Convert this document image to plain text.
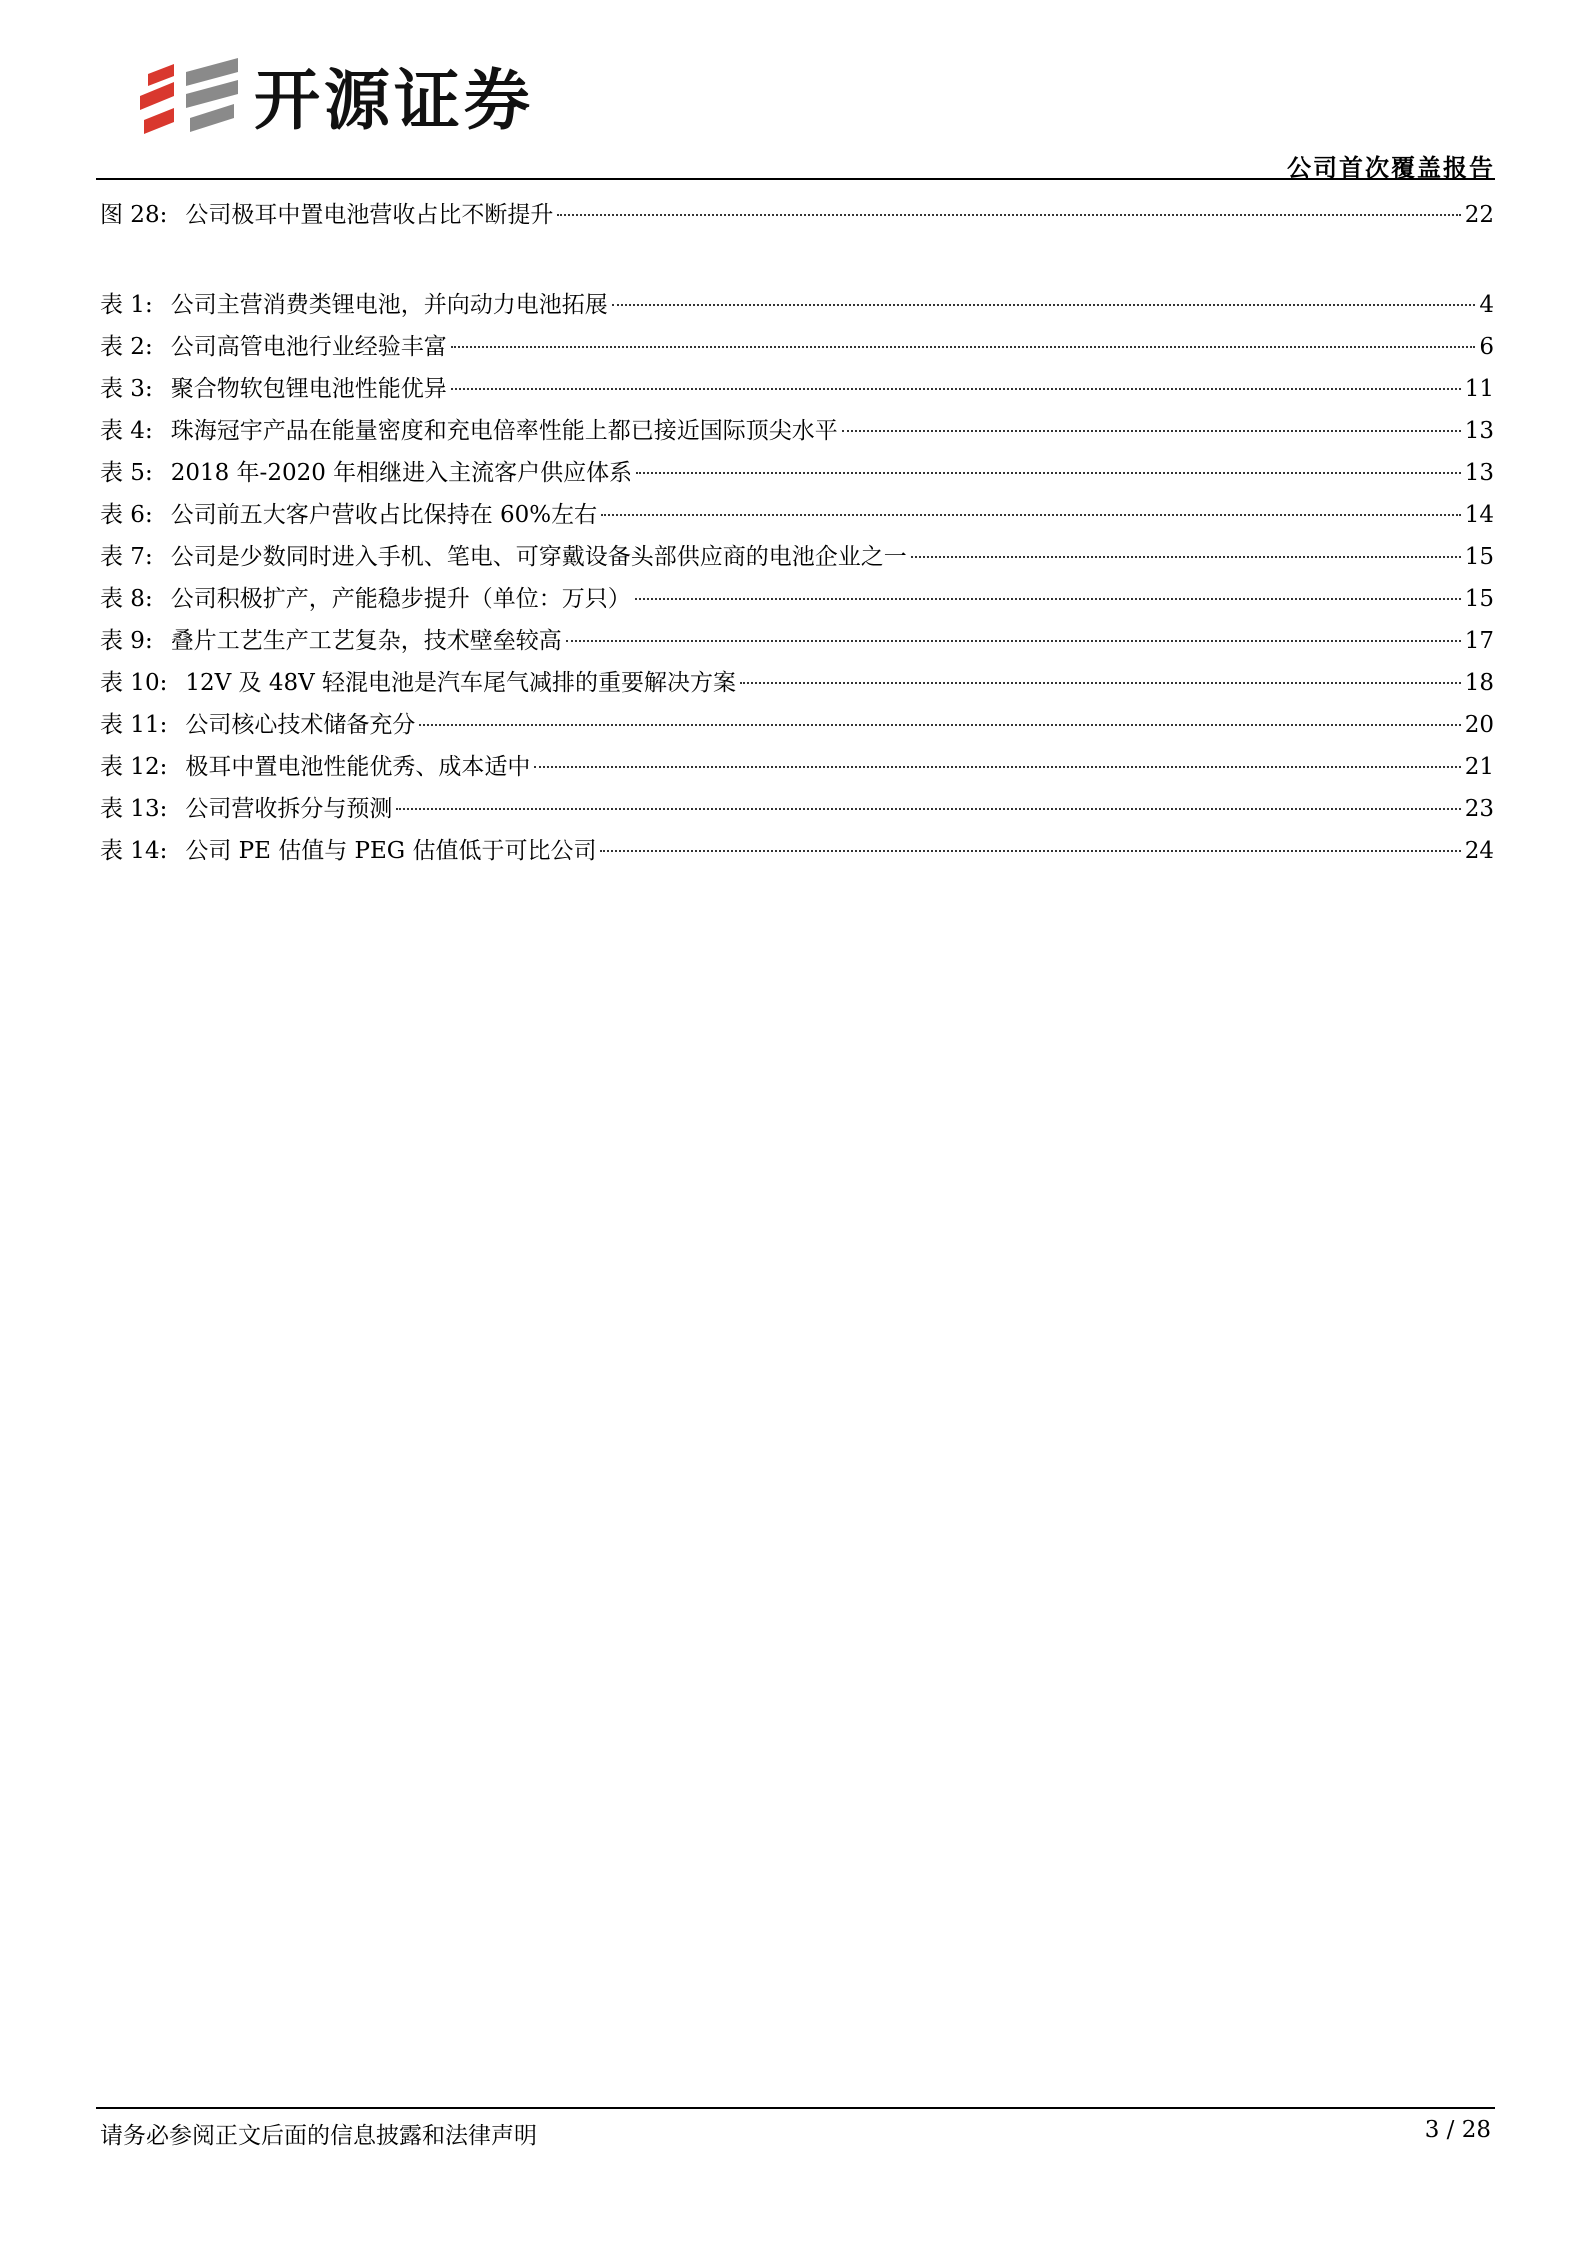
开源证券
公司首次覆盖报告
图 28: 公司极耳中置电池营收占比不断提升	22
表 1: 公司主营消费类锂电池，并向动力电池拓展	4
表 2: 公司高管电池行业经验丰富	6
表 3: 聚合物软包锂电池性能优异	11
表 4: 珠海冠宇产品在能量密度和充电倍率性能上都已接近国际顶尖水平	13
表 5: 2018 年-2020 年相继进入主流客户供应体系	13
表 6: 公司前五大客户营收占比保持在 60%左右	14
表 7: 公司是少数同时进入手机、笔电、可穿戴设备头部供应商的电池企业之一	15
表 8: 公司积极扩产，产能稳步提升（单位：万只）	15
表 9: 叠片工艺生产工艺复杂，技术壁垒较高	17
表 10: 12V 及 48V 轻混电池是汽车尾气减排的重要解决方案	18
表 11: 公司核心技术储备充分	20
表 12: 极耳中置电池性能优秀、成本适中	21
表 13: 公司营收拆分与预测	23
表 14: 公司 PE 估值与 PEG 估值低于可比公司	24
请务必参阅正文后面的信息披露和法律声明	3 / 28
